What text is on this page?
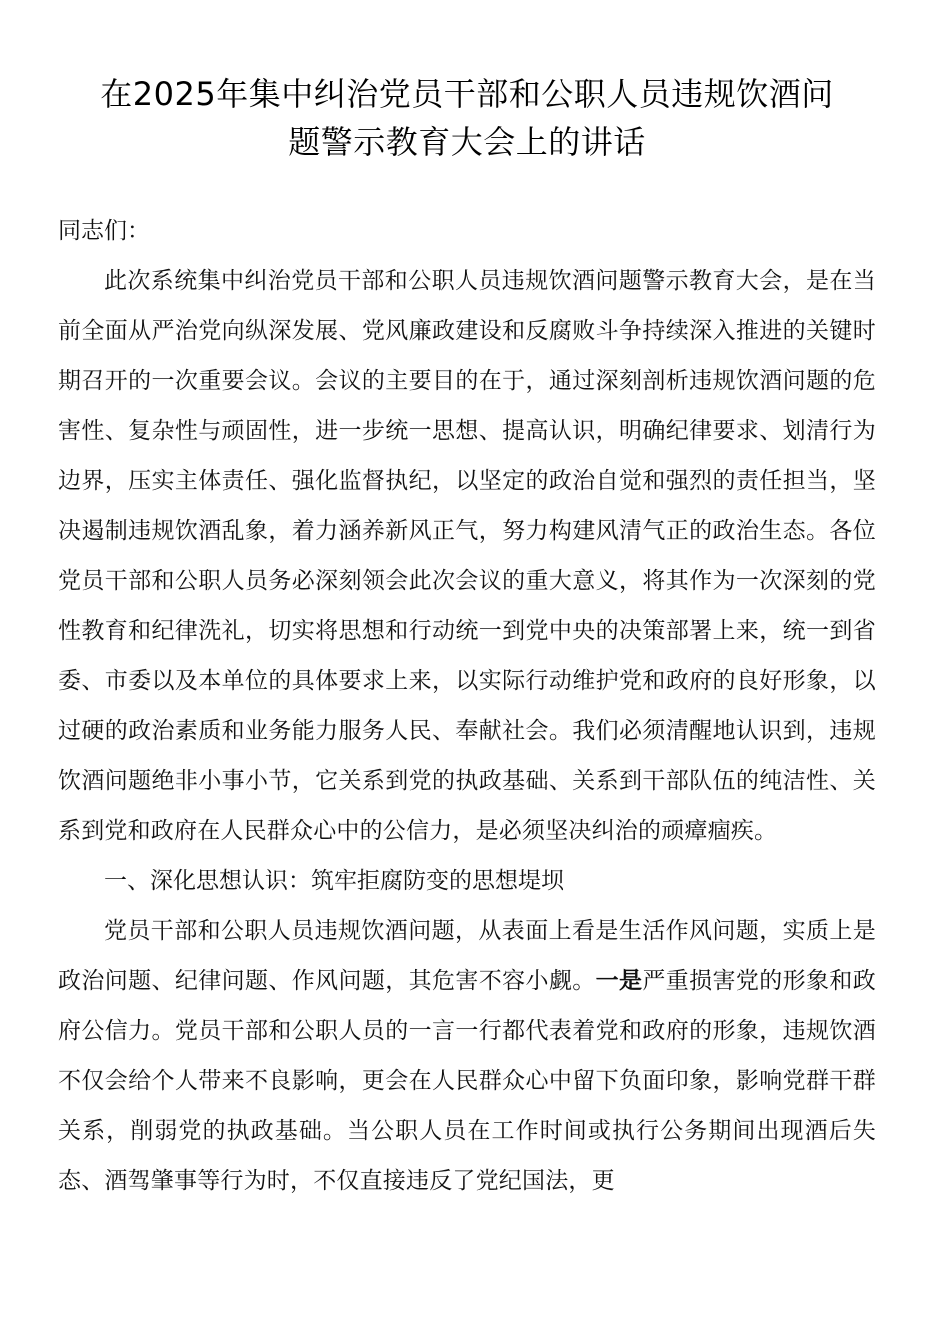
在2025年集中纠治党员干部和公职人员违规饮酒问
题警示教育大会上的讲话

同志们：

此次系统集中纠治党员干部和公职人员违规饮酒问题警示教育大会，是在当前全面从严治党向纵深发展、党风廉政建设和反腐败斗争持续深入推进的关键时期召开的一次重要会议。会议的主要目的在于，通过深刻剖析违规饮酒问题的危害性、复杂性与顽固性，进一步统一思想、提高认识，明确纪律要求、划清行为边界，压实主体责任、强化监督执纪，以坚定的政治自觉和强烈的责任担当，坚决遏制违规饮酒乱象，着力涵养新风正气，努力构建风清气正的政治生态。各位党员干部和公职人员务必深刻领会此次会议的重大意义，将其作为一次深刻的党性教育和纪律洗礼，切实将思想和行动统一到党中央的决策部署上来，统一到省委、市委以及本单位的具体要求上来，以实际行动维护党和政府的良好形象，以过硬的政治素质和业务能力服务人民、奉献社会。我们必须清醒地认识到，违规饮酒问题绝非小事小节，它关系到党的执政基础、关系到干部队伍的纯洁性、关系到党和政府在人民群众心中的公信力，是必须坚决纠治的顽瘴痼疾。

一、深化思想认识：筑牢拒腐防变的思想堤坝

党员干部和公职人员违规饮酒问题，从表面上看是生活作风问题，实质上是政治问题、纪律问题、作风问题，其危害不容小觑。一是严重损害党的形象和政府公信力。党员干部和公职人员的一言一行都代表着党和政府的形象，违规饮酒不仅会给个人带来不良影响，更会在人民群众心中留下负面印象，影响党群干群关系，削弱党的执政基础。当公职人员在工作时间或执行公务期间出现酒后失态、酒驾肇事等行为时，不仅直接违反了党纪国法，更
